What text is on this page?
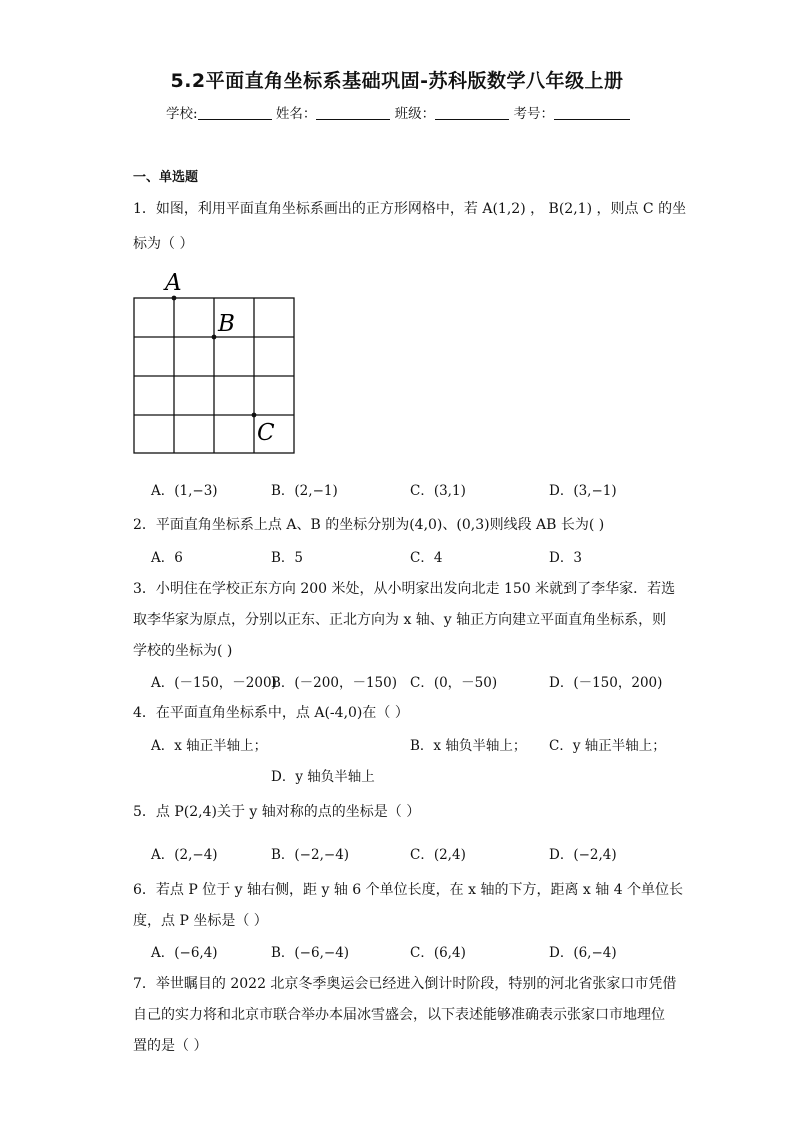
5.2平面直角坐标系基础巩固-苏科版数学八年级上册
学校:	姓名：	班级：	考号：
一、单选题
1．如图，利用平面直角坐标系画出的正方形网格中，若 A(1,2) ， B(2,1) ，则点 C 的坐
标为（ ）
A
B
C
A．(1,−3)	B．(2,−1)	C．(3,1)	D．(3,−1)
2．平面直角坐标系上点 A、B 的坐标分别为(4,0)、(0,3)则线段 AB 长为( )
A．6	B．5	C．4	D．3
3．小明住在学校正东方向 200 米处，从小明家出发向北走 150 米就到了李华家．若选
取李华家为原点，分别以正东、正北方向为 x 轴、y 轴正方向建立平面直角坐标系，则
学校的坐标为( )
A．(－150，－200)
B．(－200，－150) C．(0，－50)	D．(－150，200)
4．在平面直角坐标系中，点 A(-4,0)在（ ）
A．x 轴正半轴上；	B．x 轴负半轴上； C．y 轴正半轴上；
D．y 轴负半轴上
5．点 P(2,4)关于 y 轴对称的点的坐标是（ ）
A．(2,−4)	B．(−2,−4)	C．(2,4)	D．(−2,4)
6．若点 P 位于 y 轴右侧，距 y 轴 6 个单位长度，在 x 轴的下方，距离 x 轴 4 个单位长
度，点 P 坐标是（ ）
A．(−6,4)	B．(−6,−4)	C．(6,4)	D．(6,−4)
7．举世瞩目的 2022 北京冬季奥运会已经进入倒计时阶段，特别的河北省张家口市凭借
自己的实力将和北京市联合举办本届冰雪盛会，以下表述能够准确表示张家口市地理位
置的是（ ）
